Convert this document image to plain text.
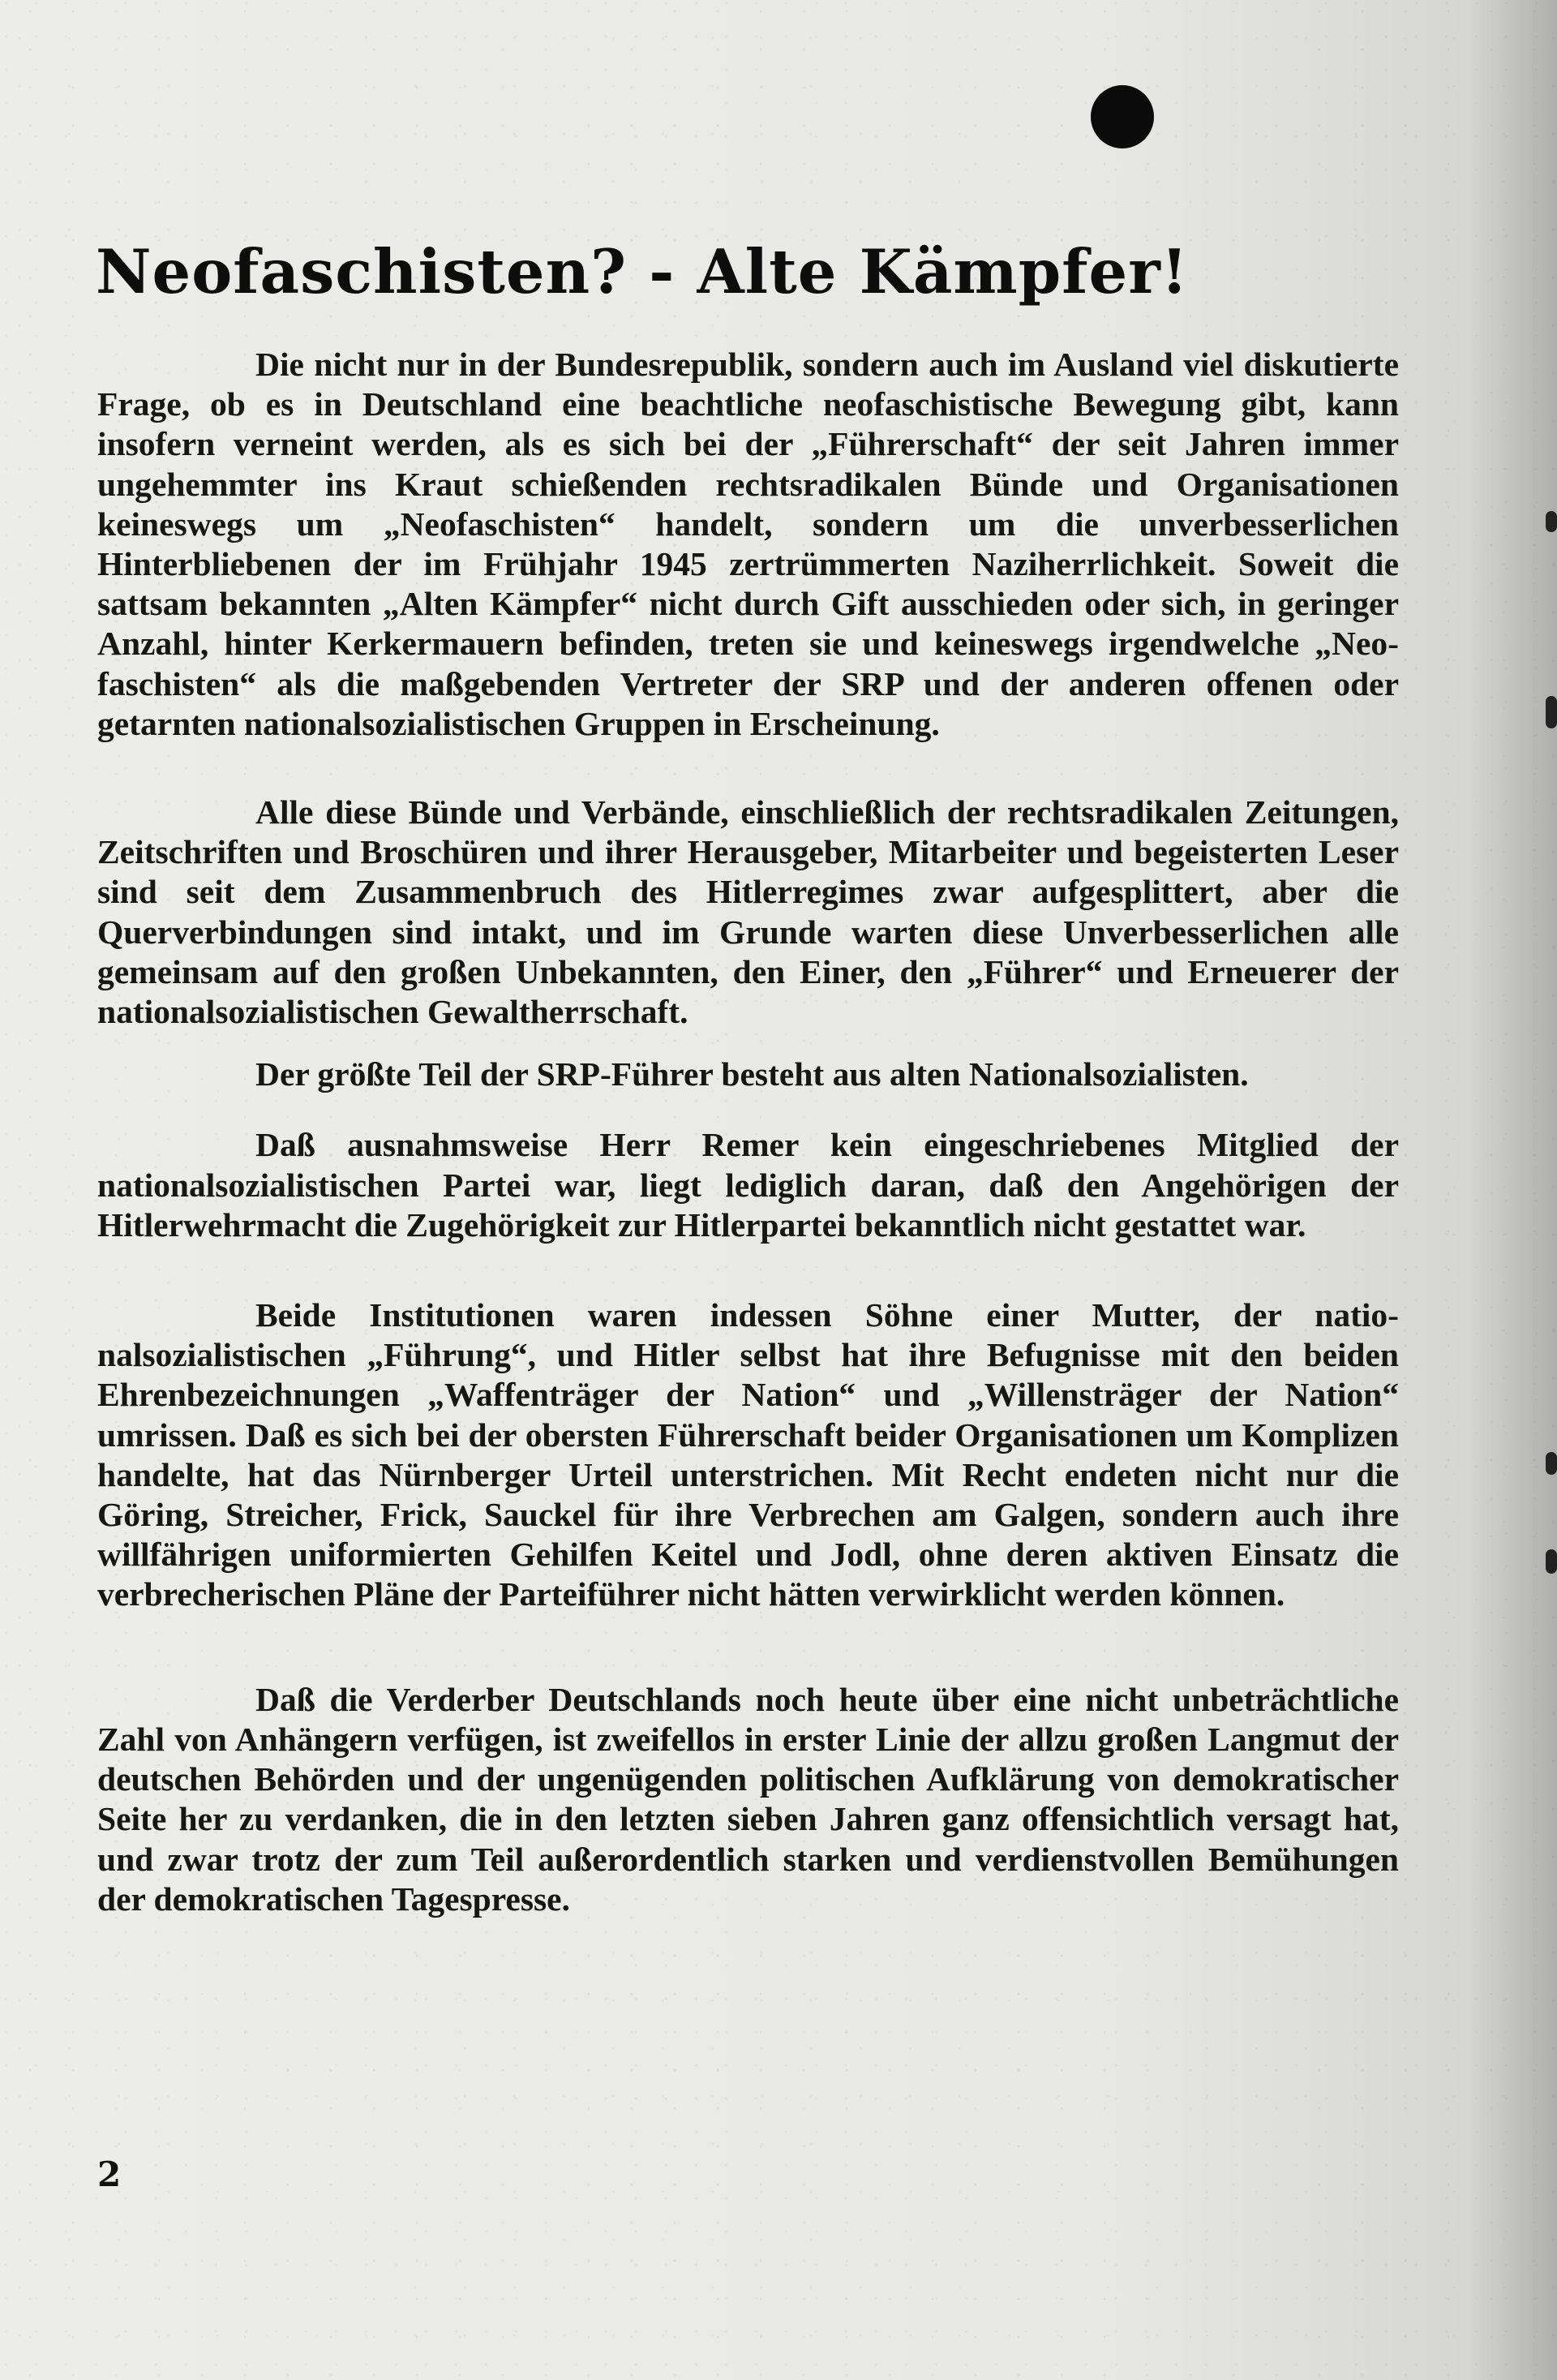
Neofaschisten? - Alte Kämpfer!

Die nicht nur in der Bundesrepublik, sondern auch im Ausland viel diskutierte Frage, ob es in Deutschland eine beachtliche neofaschistische Bewegung gibt, kann insofern verneint werden, als es sich bei der „Führerschaft“ der seit Jahren immer ungehemmter ins Kraut schießenden rechtsradikalen Bünde und Organisationen keineswegs um „Neofaschisten“ handelt, sondern um die unverbesserlichen Hinterbliebenen der im Frühjahr 1945 zertrümmerten Naziherrlichkeit. Soweit die sattsam bekannten „Alten Kämpfer“ nicht durch Gift ausschieden oder sich, in geringer Anzahl, hinter Kerkermauern befinden, treten sie und keineswegs irgendwelche „Neofaschisten“ als die maßgebenden Vertreter der SRP und der anderen offenen oder getarnten nationalsozialistischen Gruppen in Erscheinung.

Alle diese Bünde und Verbände, einschließlich der rechtsradikalen Zeitungen, Zeitschriften und Broschüren und ihrer Herausgeber, Mitarbeiter und begeisterten Leser sind seit dem Zusammenbruch des Hitlerregimes zwar aufgesplittert, aber die Querverbindungen sind intakt, und im Grunde warten diese Unverbesserlichen alle gemeinsam auf den großen Unbekannten, den Einer, den „Führer“ und Erneuerer der nationalsozialistischen Gewaltherrschaft.

Der größte Teil der SRP-Führer besteht aus alten Nationalsozialisten.

Daß ausnahmsweise Herr Remer kein eingeschriebenes Mitglied der nationalsozialistischen Partei war, liegt lediglich daran, daß den Angehörigen der Hitlerwehrmacht die Zugehörigkeit zur Hitlerpartei bekanntlich nicht gestattet war.

Beide Institutionen waren indessen Söhne einer Mutter, der nationalsozialistischen „Führung“, und Hitler selbst hat ihre Befugnisse mit den beiden Ehrenbezeichnungen „Waffenträger der Nation“ und „Willensträger der Nation“ umrissen. Daß es sich bei der obersten Führerschaft beider Organisationen um Komplizen handelte, hat das Nürnberger Urteil unterstrichen. Mit Recht endeten nicht nur die Göring, Streicher, Frick, Sauckel für ihre Verbrechen am Galgen, sondern auch ihre willfährigen uniformierten Gehilfen Keitel und Jodl, ohne deren aktiven Einsatz die verbrecherischen Pläne der Parteiführer nicht hätten verwirklicht werden können.

Daß die Verderber Deutschlands noch heute über eine nicht unbeträchtliche Zahl von Anhängern verfügen, ist zweifellos in erster Linie der allzu großen Langmut der deutschen Behörden und der ungenügenden politischen Aufklärung von demokratischer Seite her zu verdanken, die in den letzten sieben Jahren ganz offensichtlich versagt hat, und zwar trotz der zum Teil außerordentlich starken und verdienstvollen Bemühungen der demokratischen Tagespresse.

2
